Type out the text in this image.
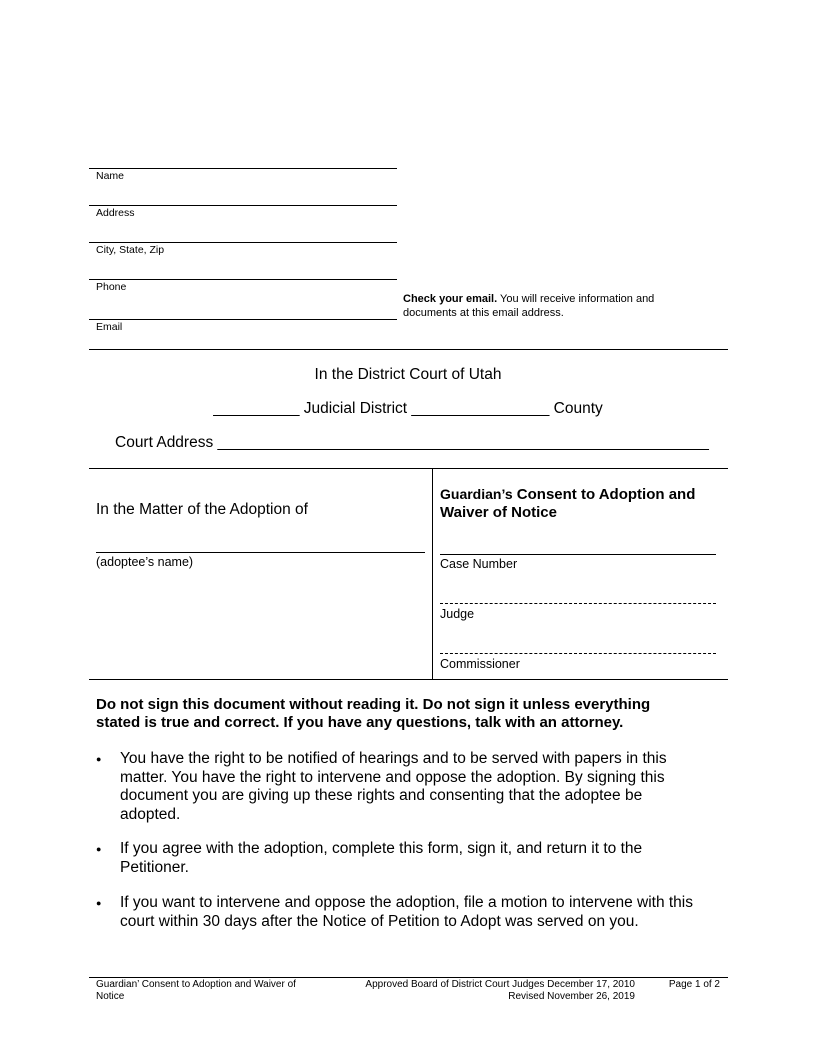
Name
Address
City, State, Zip
Phone
Email
Check your email. You will receive information and
documents at this email address.
In the District Court of Utah
__________ Judicial District ________________ County
Court Address _________________________________________________________
In the Matter of the Adoption of
(adoptee’s name)
Guardian’s Consent to Adoption and
Waiver of Notice
Case Number
Judge
Commissioner
Do not sign this document without reading it. Do not sign it unless everything
stated is true and correct. If you have any questions, talk with an attorney.
● You have the right to be notified of hearings and to be served with papers in this
matter. You have the right to intervene and oppose the adoption. By signing this
document you are giving up these rights and consenting that the adoptee be
adopted.
● If you agree with the adoption, complete this form, sign it, and return it to the
Petitioner.
● If you want to intervene and oppose the adoption, file a motion to intervene with this
court within 30 days after the Notice of Petition to Adopt was served on you.
Guardian’ Consent to Adoption and Waiver of
Notice
Approved Board of District Court Judges December 17, 2010
Revised November 26, 2019
Page 1 of 2
